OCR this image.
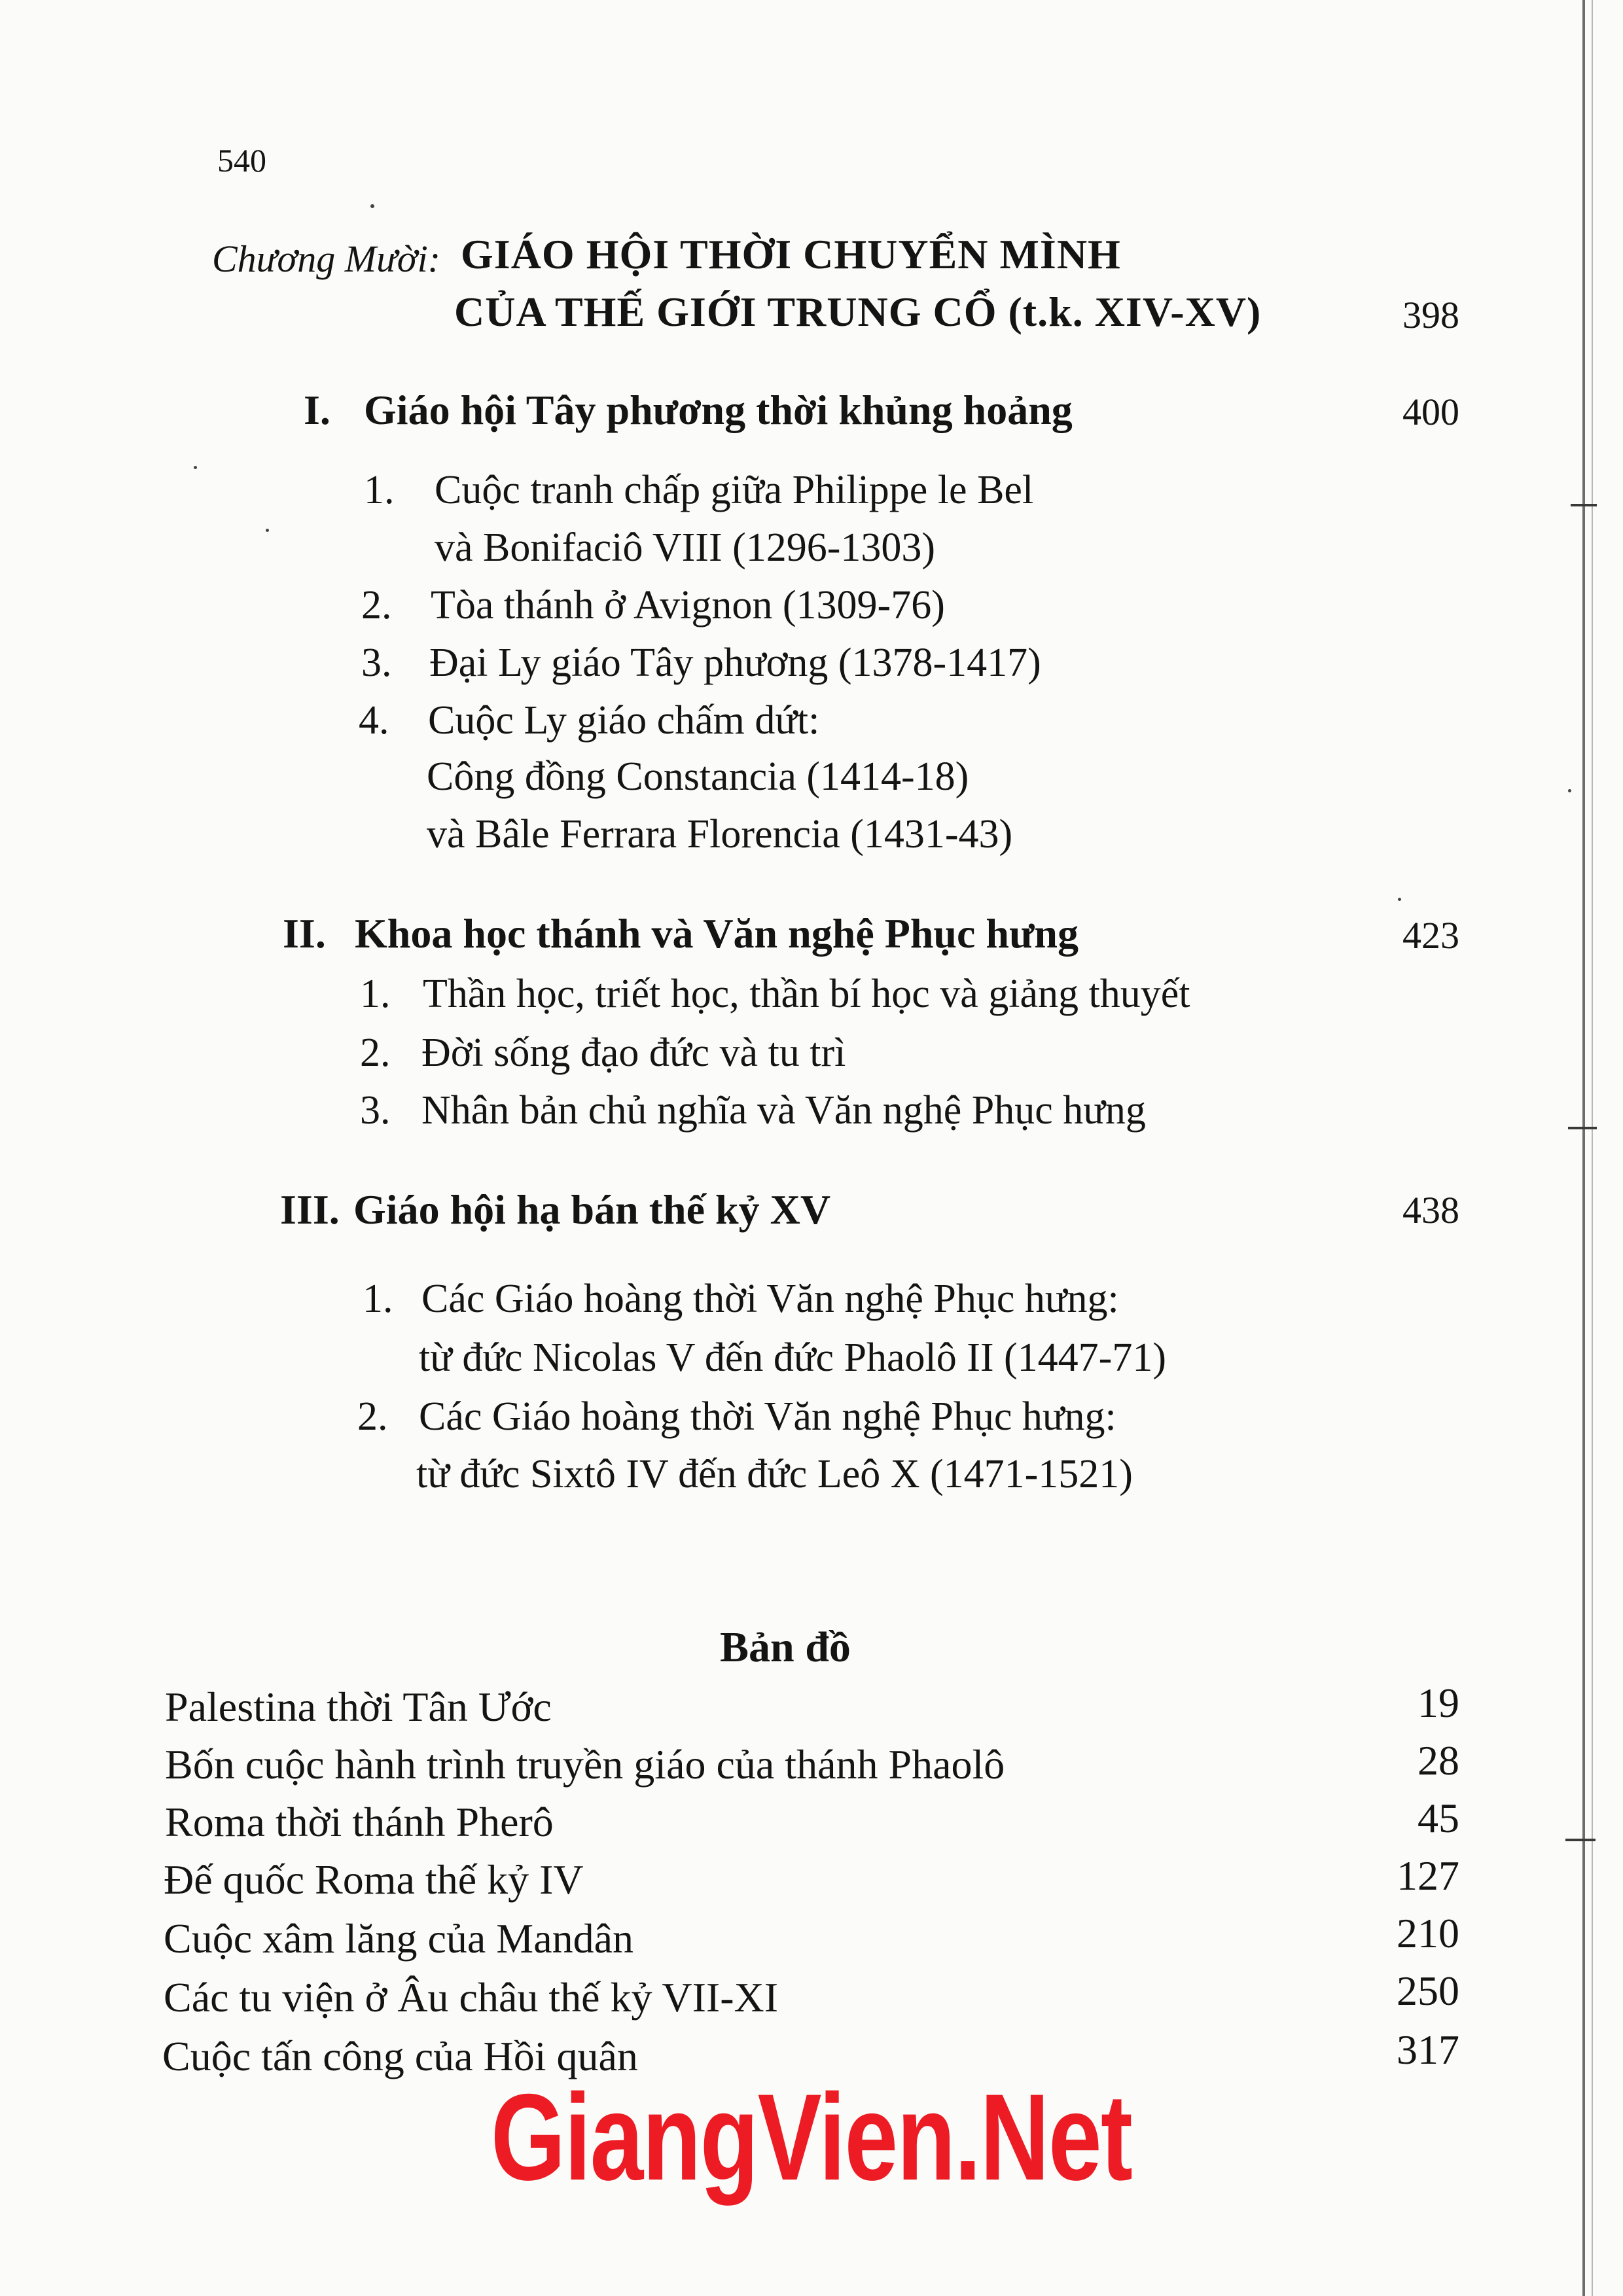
540
Chương Mười: GIÁO HỘI THỜI CHUYỂN MÌNH
CỦA THẾ GIỚI TRUNG CỔ (t.k. XIV-XV)	398
I. Giáo hội Tây phương thời khủng hoảng	400
1. Cuộc tranh chấp giữa Philippe le Bel
và Bonifaciô VIII (1296-1303)
2. Tòa thánh ở Avignon (1309-76)
3. Đại Ly giáo Tây phương (1378-1417)
4. Cuộc Ly giáo chấm dứt:
Công đồng Constancia (1414-18)
và Bâle Ferrara Florencia (1431-43)
II. Khoa học thánh và Văn nghệ Phục hưng	423
1. Thần học, triết học, thần bí học và giảng thuyết
2. Đời sống đạo đức và tu trì
3. Nhân bản chủ nghĩa và Văn nghệ Phục hưng
III. Giáo hội hạ bán thế kỷ XV	438
1. Các Giáo hoàng thời Văn nghệ Phục hưng:
từ đức Nicolas V đến đức Phaolô II (1447-71)
2. Các Giáo hoàng thời Văn nghệ Phục hưng:
từ đức Sixtô IV đến đức Leô X (1471-1521)
Bản đồ
Palestina thời Tân Ước	19
Bốn cuộc hành trình truyền giáo của thánh Phaolô	28
Roma thời thánh Pherô	45
Đế quốc Roma thế kỷ IV	127
Cuộc xâm lăng của Mandân	210
Các tu viện ở Âu châu thế kỷ VII-XI	250
Cuộc tấn công của Hồi quân	317
GiangVien.Net
